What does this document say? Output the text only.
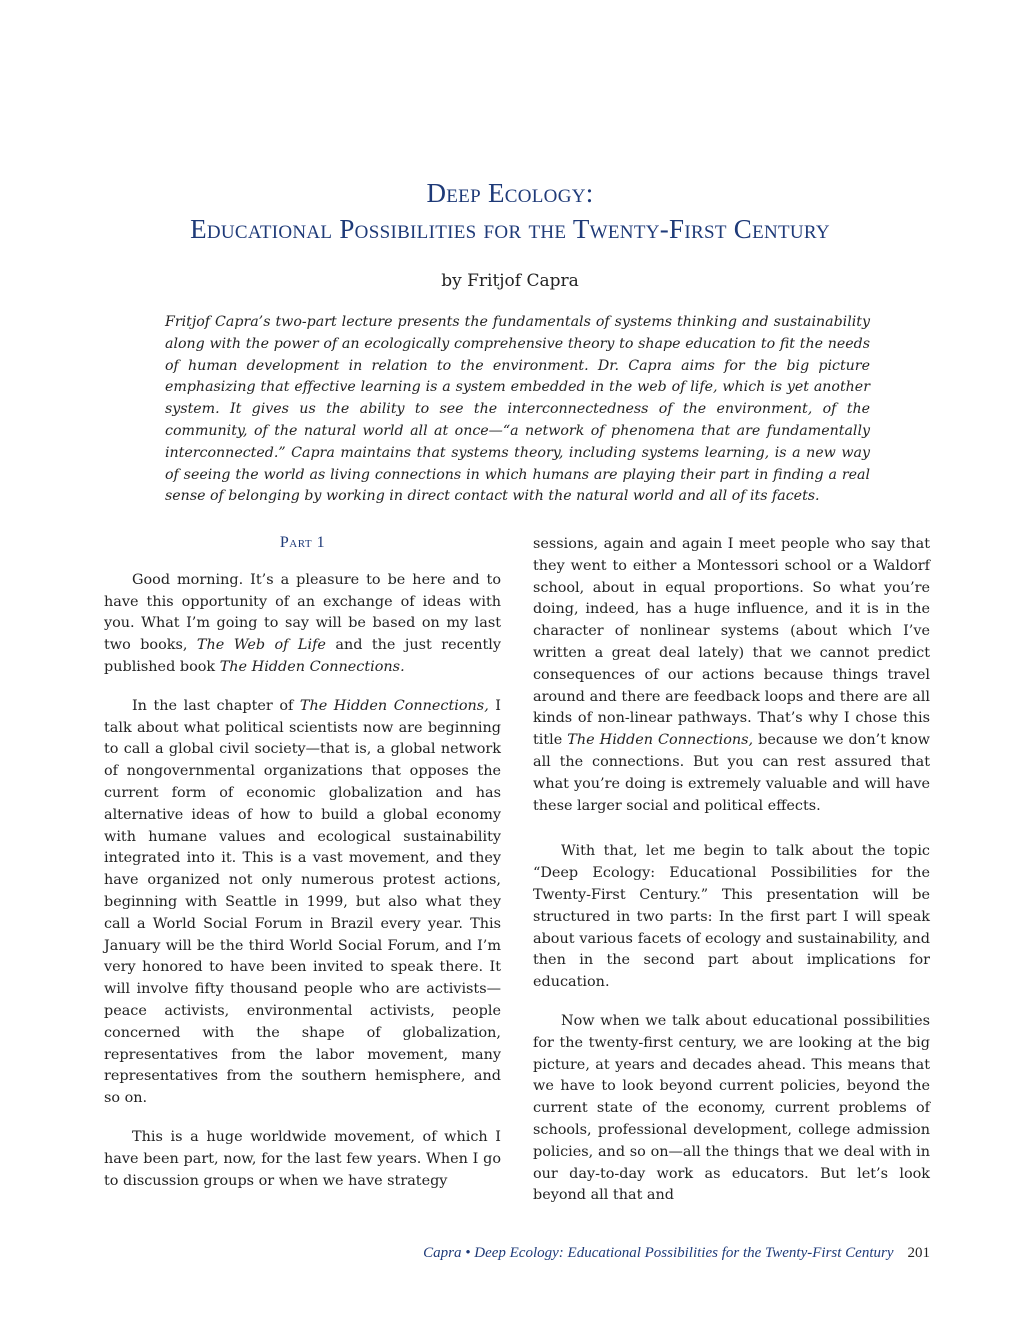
Deep Ecology:
Educational Possibilities for the Twenty-First Century
by Fritjof Capra

Fritjof Capra’s two-part lecture presents the fundamentals of systems thinking and sustainability along with the power of an ecologically comprehensive theory to shape education to fit the needs of human development in relation to the environment. Dr. Capra aims for the big picture emphasizing that effective learning is a system embedded in the web of life, which is yet another system. It gives us the ability to see the interconnectedness of the environment, of the community, of the natural world all at once—“a network of phenomena that are fundamentally interconnected.” Capra maintains that systems theory, including systems learning, is a new way of seeing the world as living connections in which humans are playing their part in finding a real sense of belonging by working in direct contact with the natural world and all of its facets.

Part 1

Good morning. It’s a pleasure to be here and to have this opportunity of an exchange of ideas with you. What I’m going to say will be based on my last two books, The Web of Life and the just recently published book The Hidden Connections.

In the last chapter of The Hidden Connections, I talk about what political scientists now are beginning to call a global civil society—that is, a global network of nongovernmental organizations that opposes the current form of economic globalization and has alternative ideas of how to build a global economy with humane values and ecological sustainability integrated into it. This is a vast movement, and they have organized not only numerous protest actions, beginning with Seattle in 1999, but also what they call a World Social Forum in Brazil every year. This January will be the third World Social Forum, and I’m very honored to have been invited to speak there. It will involve fifty thousand people who are activists—peace activists, environmental activists, people concerned with the shape of globalization, representatives from the labor movement, many representatives from the southern hemisphere, and so on.

This is a huge worldwide movement, of which I have been part, now, for the last few years. When I go to discussion groups or when we have strategy

sessions, again and again I meet people who say that they went to either a Montessori school or a Waldorf school, about in equal proportions. So what you’re doing, indeed, has a huge influence, and it is in the character of nonlinear systems (about which I’ve written a great deal lately) that we cannot predict consequences of our actions because things travel around and there are feedback loops and there are all kinds of non-linear pathways. That’s why I chose this title The Hidden Connections, because we don’t know all the connections. But you can rest assured that what you’re doing is extremely valuable and will have these larger social and political effects.

With that, let me begin to talk about the topic “Deep Ecology: Educational Possibilities for the Twenty-First Century.” This presentation will be structured in two parts: In the first part I will speak about various facets of ecology and sustainability, and then in the second part about implications for education.

Now when we talk about educational possibilities for the twenty-first century, we are looking at the big picture, at years and decades ahead. This means that we have to look beyond current policies, beyond the current state of the economy, current problems of schools, professional development, college admission policies, and so on—all the things that we deal with in our day-to-day work as educators. But let’s look beyond all that and

Capra • Deep Ecology: Educational Possibilities for the Twenty-First Century 201
